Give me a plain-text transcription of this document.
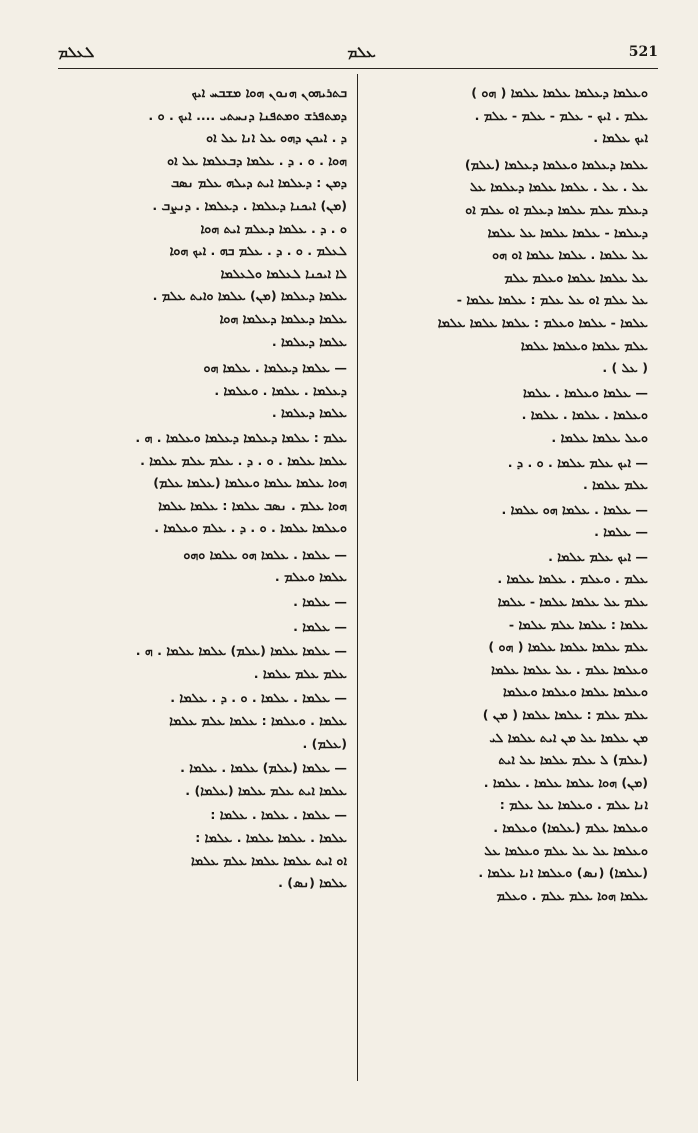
ܠܥܠܡ	ܥܠܡ	521
ܒܬܪܝܗܘܢ ܗܢܘܢ ܗܘܐ ܡܫܒܚ ܐܝܟ
ܕܡܬܦܪܫ ܘܡܬܦܢܐ ܕܢܚܬܝ .... ܐܝܟ . ܘ .
ܕ . ܐܝܟܢ ܕܗܘ ܥܠ ܐܢܐ ܥܠ ܐܘ
ܗܘܐ . ܘ . ܕ . ܥܠܡܐ ܕܒܥܠܡܐ ܥܠ ܐܘ
ܕܡܢ : ܕܥܠܡܐ ܐܝܬ ܕܝܠܗ ܥܠܡ ܢܣܒ
(ܡܢ) ܐܝܟܢܐ ܕܥܠܡܐ . ܕܥܠܡܐ . ܕܢܨܒ .
ܘ . ܕ . ܥܠܡܐ ܕܥܠܡ ܐܝܬ ܗܘܐ
ܠܥܠܡ . ܘ . ܕ . ܥܠܡ ܒܗ . ܐܝܟ ܗܘܐ
ܠܐ ܐܝܟܢܐ ܠܥܠܡܐ ܘܠܥܠܡܐ
ܥܠܡܐ ܕܥܠܡܐ (ܡܢ) ܥܠܡܐ ܘܐܝܬ ܥܠܡ .
ܥܠܡܐ ܕܥܠܡܐ ܕܥܠܡܐ ܗܘܐ
ܥܠܡܐ ܕܥܠܡܐ .
— ܥܠܡܐ ܕܥܠܡܐ . ܥܠܡܐ ܗܘ
ܕܥܠܡܐ . ܥܠܡܐ . ܘܥܠܡܐ .
ܥܠܡܐ ܕܥܠܡܐ .
ܥܠܡ : ܥܠܡܐ ܕܥܠܡܐ ܕܥܠܡܐ ܘܥܠܡܐ . ܗ .
ܥܠܡܐ ܥܠܡܐ . ܘ . ܕ . ܥܠܡ ܥܠܡ ܥܠܡܐ .
ܗܘܐ ܥܠܡܐ ܥܠܡܐ ܘܥܠܡܐ (ܥܠܡܐ ܥܠܡ)
ܗܘܐ ܥܠܡ . ܢܣܒ ܥܠܡܐ : ܥܠܡܐ ܥܠܡܐ
ܘܥܠܡܐ ܥܠܡܐ . ܘ . ܕ . ܥܠܡ ܘܥܠܡܐ .
— ܥܠܡܐ . ܥܠܡܐ ܗܘ ܥܠܡܐ ܘܗܘ
ܥܠܡܐ ܘܥܠܡ .
— ܥܠܡܐ .
— ܥܠܡܐ .
— ܥܠܡܐ ܥܠܡܐ (ܥܠܡ) ܥܠܡܐ ܥܠܡܐ . ܗ .
ܥܠܡ ܥܠܡ ܥܠܡܐ .
— ܥܠܡܐ . ܥܠܡܐ . ܘ . ܕ . ܥܠܡܐ .
ܥܠܡܐ . ܘܥܠܡܐ : ܥܠܡܐ ܥܠܡ ܥܠܡܐ
(ܥܠܡ) .
— ܥܠܡܐ (ܥܠܡ) ܥܠܡܐ . ܥܠܡܐ .
ܥܠܡܐ ܐܝܬ ܥܠܡ ܥܠܡܐ (ܥܠܡܐ) .
— ܥܠܡܐ . ܥܠܡܐ . ܥܠܡܐ :
ܥܠܡܐ . ܥܠܡܐ ܥܠܡܐ . ܥܠܡܐ :
ܐܘ ܐܝܬ ܥܠܡܐ ܥܠܡܐ ܥܠܡ ܥܠܡܐ
ܥܠܡܐ (ܢܣ) .
ܘܥܠܡܐ ܕܥܠܡܐ ܥܠܡܐ ܥܠܡܐ ( ܗܘ )
ܥܠܡ . ܐܝܟ - ܥܠܡ - ܥܠܡ - ܥܠܡ .
ܐܝܟ ܥܠܡܐ .
ܥܠܡܐ ܕܥܠܡܐ ܘܥܠܡܐ ܕܥܠܡܐ (ܥܠܡ)
ܥܠ . ܥܠ . ܥܠܡܐ ܥܠܡܐ ܕܥܠܡܐ ܥܠ
ܕܥܠܡ ܥܠܡ ܥܠܡܐ ܕܥܠܡ ܐܘ ܥܠܡ ܐܘ
ܕܥܠܡܐ - ܥܠܡܐ ܥܠܡܐ ܥܠ ܥܠܡܐ
ܥܠ ܥܠܡܐ . ܥܠܡܐ ܥܠܡܐ ܐܘ ܗܘ
ܥܠ ܥܠܡܐ ܥܠܡܐ ܘܥܠܡ ܥܠܡ
ܥܠ ܥܠܡ ܐܘ ܥܠ ܥܠܡ : ܥܠܡܐ ܥܠܡܐ -
ܥܠܡܐ - ܥܠܡܐ ܘܥܠܡ : ܥܠܡܐ ܥܠܡܐ ܥܠܡܐ
ܥܠܡ ܥܠܡܐ ܘܥܠܡܐ ܥܠܡܐ
( ܥܠ ) .
— ܥܠܡܐ ܘܥܠܡܐ . ܥܠܡܐ
ܘܥܠܡܐ . ܥܠܡܐ . ܥܠܡܐ .
ܘܥܠ ܥܠܡܐ ܥܠܡܐ .
— ܐܝܟ ܥܠܡ ܥܠܡܐ . ܘ . ܕ .
ܥܠܡ ܥܠܡܐ .
— ܥܠܡܐ . ܥܠܡܐ ܗܘ ܥܠܡܐ .
— ܥܠܡܐ .
— ܐܝܟ ܥܠܡ ܥܠܡܐ .
ܥܠܡ . ܘܥܠܡ . ܥܠܡܐ ܥܠܡܐ .
ܥܠܡ ܥܠ ܥܠܡܐ ܥܠܡܐ - ܥܠܡܐ
ܥܠܡܐ : ܥܠܡܐ ܥܠܡ ܥܠܡܐ -
ܥܠܡ ܥܠܡܐ ܥܠܡܐ ܥܠܡܐ ( ܗܘ )
ܘܥܠܡܐ ܥܠܡ . ܥܠ ܥܠܡܐ ܥܠܡܐ
ܘܥܠܡܐ ܥܠܡܐ ܘܥܠܡܐ ܘܥܠܡܐ
ܥܠܡ ܥܠܡ : ܥܠܡܐ ܥܠܡܐ ( ܡܢ )
ܡܢ ܥܠܡܐ ܥܠ ܡܢ ܐܝܬ ܥܠܡܐ ܠܝ
(ܥܠܡ) ܠ ܥܠܡ ܥܠܡܐ ܥܠ ܐܝܬ
(ܡܢ) ܗܘܐ ܥܠܡܐ ܥܠܡܐ . ܥܠܡܐ .
ܐܢܐ ܥܠܡ . ܘܥܠܡܐ ܥܠ ܥܠܡ :
ܘܥܠܡܐ ܥܠܡ (ܥܠܡܐ) ܘܥܠܡܐ .
ܘܥܠܡܐ ܥܠ ܥܠ ܥܠܡ ܘܥܠܡܐ ܥܠ
(ܥܠܡܐ) (ܢܣ) ܘܥܠܡܐ ܐܢܐ ܥܠܡܐ .
ܥܠܡܐ ܗܘܐ ܥܠܡ ܥܠܡ . ܘܥܠܡ
